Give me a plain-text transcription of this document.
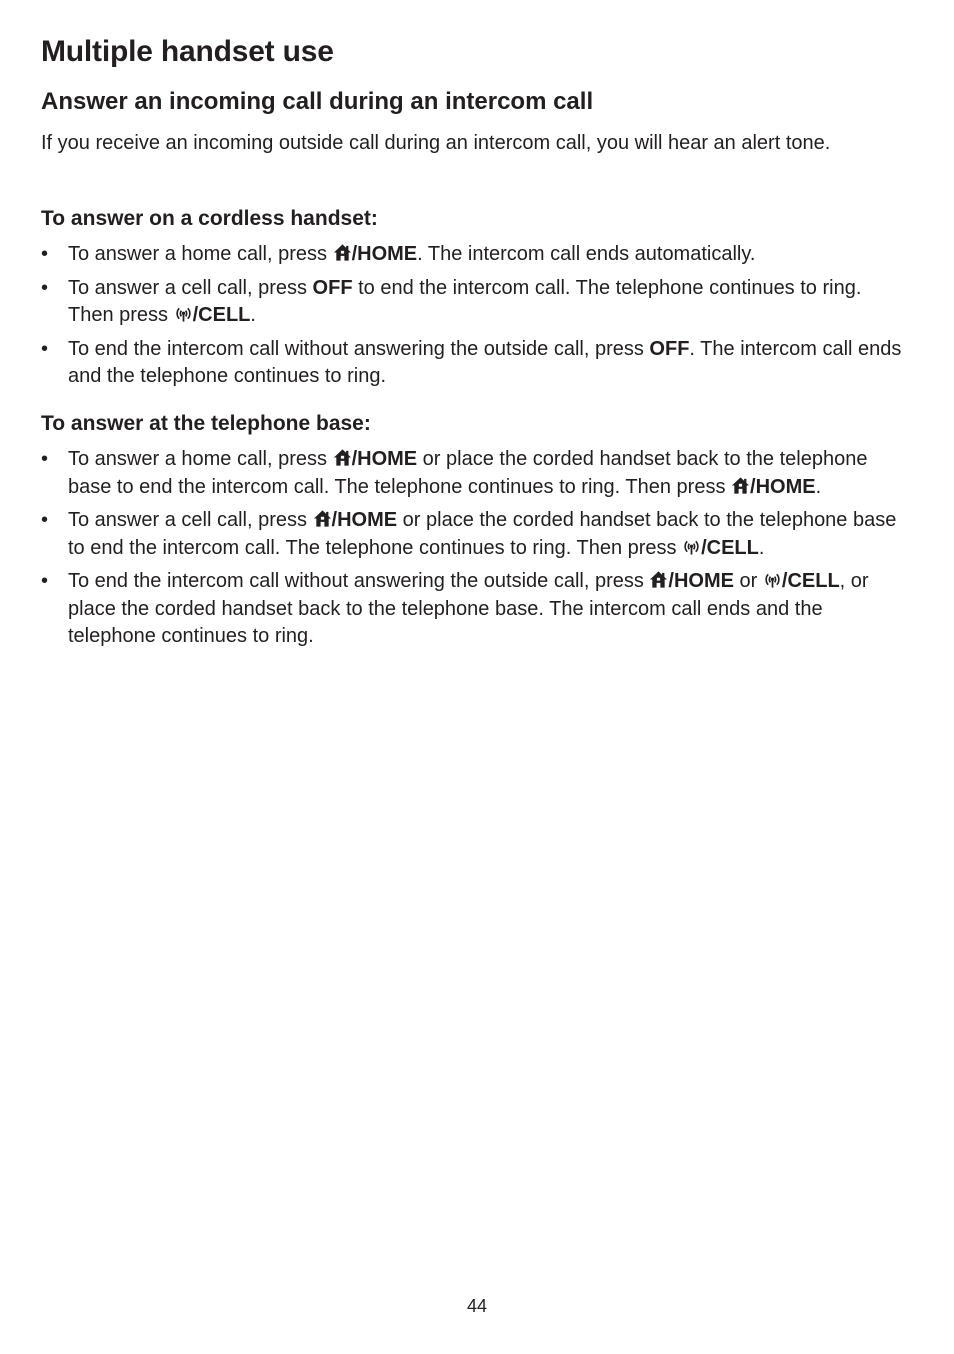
Multiple handset use
Answer an incoming call during an intercom call

If you receive an incoming outside call during an intercom call, you will hear an alert tone.

To answer on a cordless handset:
• To answer a home call, press
/HOME. The intercom call ends automatically.
• To answer a cell call, press OFF to end the intercom call. The telephone continues to ring. Then press
/CELL.
• To end the intercom call without answering the outside call, press OFF. The intercom call ends and the telephone continues to ring.
To answer at the telephone base:
• To answer a home call, press
/HOME or place the corded handset back to the telephone base to end the intercom call. The telephone continues to ring. Then press
/HOME.
• To answer a cell call, press
/HOME or place the corded handset back to the telephone base to end the intercom call. The telephone continues to ring. Then press
/CELL.
• To end the intercom call without answering the outside call, press
/HOME or
/CELL, or place the corded handset back to the telephone base. The intercom call ends and the telephone continues to ring.
44
